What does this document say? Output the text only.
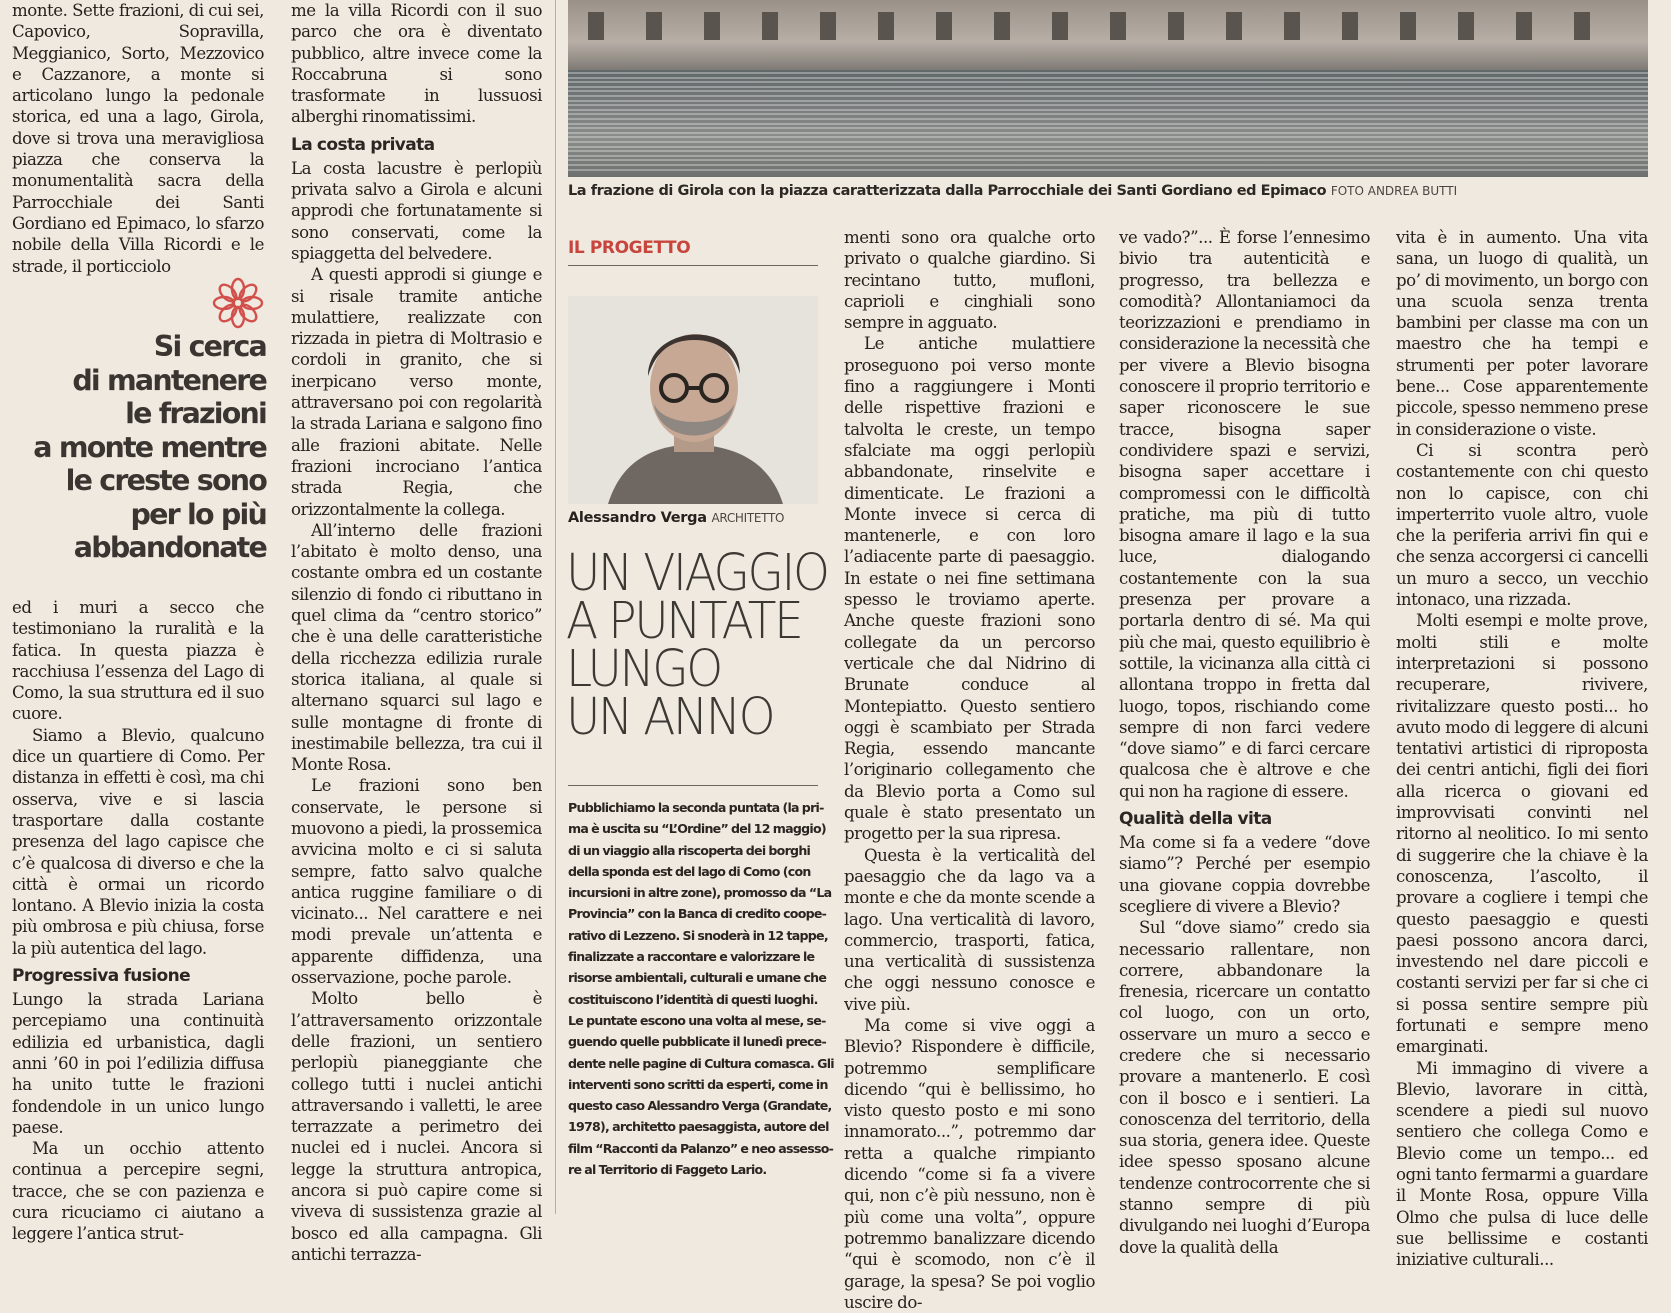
La frazione di Girola con la piazza caratterizzata dalla Parrocchiale dei Santi Gordiano ed Epimaco FOTO ANDREA BUTTI

monte. Sette frazioni, di cui sei, Capovico, Sopravilla, Meggianico, Sorto, Mezzovico e Cazzanore, a monte si articolano lungo la pedonale storica, ed una a lago, Girola, dove si trova una meravigliosa piazza che conserva la monumentalità sacra della Parrocchiale dei Santi Gordiano ed Epimaco, lo sfarzo nobile della Villa Ricordi e le strade, il porticciolo

Si cerca
di mantenere
le frazioni
a monte mentre
le creste sono
per lo più
abbandonate

ed i muri a secco che testimoniano la ruralità e la fatica. In questa piazza è racchiusa l’essenza del Lago di Como, la sua struttura ed il suo cuore.

Siamo a Blevio, qualcuno dice un quartiere di Como. Per distanza in effetti è così, ma chi osserva, vive e si lascia trasportare dalla costante presenza del lago capisce che c’è qualcosa di diverso e che la città è ormai un ricordo lontano. A Blevio inizia la costa più ombrosa e più chiusa, forse la più autentica del lago.

Progressiva fusione

Lungo la strada Lariana percepiamo una continuità edilizia ed urbanistica, dagli anni ’60 in poi l’edilizia diffusa ha unito tutte le frazioni fondendole in un unico lungo paese.

Ma un occhio attento continua a percepire segni, tracce, che se con pazienza e cura ricuciamo ci aiutano a leggere l’antica strut-

me la villa Ricordi con il suo parco che ora è diventato pubblico, altre invece come la Roccabruna si sono trasformate in lussuosi alberghi rinomatissimi.

La costa privata

La costa lacustre è perlopiù privata salvo a Girola e alcuni approdi che fortunatamente si sono conservati, come la spiaggetta del belvedere.

A questi approdi si giunge e si risale tramite antiche mulattiere, realizzate con rizzada in pietra di Moltrasio e cordoli in granito, che si inerpicano verso monte, attraversano poi con regolarità la strada Lariana e salgono fino alle frazioni abitate. Nelle frazioni incrociano l’antica strada Regia, che orizzontalmente la collega.

All’interno delle frazioni l’abitato è molto denso, una costante ombra ed un costante silenzio di fondo ci ributtano in quel clima da “centro storico” che è una delle caratteristiche della ricchezza edilizia rurale storica italiana, al quale si alternano squarci sul lago e sulle montagne di fronte di inestimabile bellezza, tra cui il Monte Rosa.

Le frazioni sono ben conservate, le persone si muovono a piedi, la prossemica avvicina molto e ci si saluta sempre, fatto salvo qualche antica ruggine familiare o di vicinato... Nel carattere e nei modi prevale un’attenta e apparente diffidenza, una osservazione, poche parole.

Molto bello è l’attraversamento orizzontale delle frazioni, un sentiero perlopiù pianeggiante che collego tutti i nuclei antichi attraversando i valletti, le aree terrazzate a perimetro dei nuclei ed i nuclei. Ancora si legge la struttura antropica, ancora si può capire come si viveva di sussistenza grazie al bosco ed alla campagna. Gli antichi terrazza-

IL PROGETTO
Alessandro Verga ARCHITETTO
UN VIAGGIO
A PUNTATE
LUNGO
UN ANNO
Pubblichiamo la seconda puntata (la pri-
ma è uscita su “L’Ordine” del 12 maggio)
di un viaggio alla riscoperta dei borghi
della sponda est del lago di Como (con
incursioni in altre zone), promosso da “La
Provincia” con la Banca di credito coope-
rativo di Lezzeno. Si snoderà in 12 tappe,
finalizzate a raccontare e valorizzare le
risorse ambientali, culturali e umane che
costituiscono l’identità di questi luoghi.
Le puntate escono una volta al mese, se-
guendo quelle pubblicate il lunedì prece-
dente nelle pagine di Cultura comasca. Gli
interventi sono scritti da esperti, come in
questo caso Alessandro Verga (Grandate,
1978), architetto paesaggista, autore del
film “Racconti da Palanzo” e neo assesso-
re al Territorio di Faggeto Lario.

menti sono ora qualche orto privato o qualche giardino. Si recintano tutto, mufloni, caprioli e cinghiali sono sempre in agguato.

Le antiche mulattiere proseguono poi verso monte fino a raggiungere i Monti delle rispettive frazioni e talvolta le creste, un tempo sfalciate ma oggi perlopiù abbandonate, rinselvite e dimenticate. Le frazioni a Monte invece si cerca di mantenerle, e con loro l’adiacente parte di paesaggio. In estate o nei fine settimana spesso le troviamo aperte. Anche queste frazioni sono collegate da un percorso verticale che dal Nidrino di Brunate conduce al Montepiatto. Questo sentiero oggi è scambiato per Strada Regia, essendo mancante l’originario collegamento che da Blevio porta a Como sul quale è stato presentato un progetto per la sua ripresa.

Questa è la verticalità del paesaggio che da lago va a monte e che da monte scende a lago. Una verticalità di lavoro, commercio, trasporti, fatica, una verticalità di sussistenza che oggi nessuno conosce e vive più.

Ma come si vive oggi a Blevio? Rispondere è difficile, potremmo semplificare dicendo “qui è bellissimo, ho visto questo posto e mi sono innamorato...”, potremmo dar retta a qualche rimpianto dicendo “come si fa a vivere qui, non c’è più nessuno, non è più come una volta”, oppure potremmo banalizzare dicendo “qui è scomodo, non c’è il garage, la spesa? Se poi voglio uscire do-

ve vado?”... È forse l’ennesimo bivio tra autenticità e progresso, tra bellezza e comodità? Allontaniamoci da teorizzazioni e prendiamo in considerazione la necessità che per vivere a Blevio bisogna conoscere il proprio territorio e saper riconoscere le sue tracce, bisogna saper condividere spazi e servizi, bisogna saper accettare i compromessi con le difficoltà pratiche, ma più di tutto bisogna amare il lago e la sua luce, dialogando costantemente con la sua presenza per provare a portarla dentro di sé. Ma qui più che mai, questo equilibrio è sottile, la vicinanza alla città ci allontana troppo in fretta dal luogo, topos, rischiando come sempre di non farci vedere “dove siamo” e di farci cercare qualcosa che è altrove e che qui non ha ragione di essere.

Qualità della vita

Ma come si fa a vedere “dove siamo”? Perché per esempio una giovane coppia dovrebbe scegliere di vivere a Blevio?

Sul “dove siamo” credo sia necessario rallentare, non correre, abbandonare la frenesia, ricercare un contatto col luogo, con un orto, osservare un muro a secco e credere che si necessario provare a mantenerlo. E così con il bosco e i sentieri. La conoscenza del territorio, della sua storia, genera idee. Queste idee spesso sposano alcune tendenze controcorrente che si stanno sempre di più divulgando nei luoghi d’Europa dove la qualità della

vita è in aumento. Una vita sana, un luogo di qualità, un po’ di movimento, un borgo con una scuola senza trenta bambini per classe ma con un maestro che ha tempi e strumenti per poter lavorare bene... Cose apparentemente piccole, spesso nemmeno prese in considerazione o viste.

Ci si scontra però costantemente con chi questo non lo capisce, con chi imperterrito vuole altro, vuole che la periferia arrivi fin qui e che senza accorgersi ci cancelli un muro a secco, un vecchio intonaco, una rizzada.

Molti esempi e molte prove, molti stili e molte interpretazioni si possono recuperare, rivivere, rivitalizzare questo posti... ho avuto modo di leggere di alcuni tentativi artistici di riproposta dei centri antichi, figli dei fiori alla ricerca o giovani ed improvvisati convinti nel ritorno al neolitico. Io mi sento di suggerire che la chiave è la conoscenza, l’ascolto, il provare a cogliere i tempi che questo paesaggio e questi paesi possono ancora darci, investendo nel dare piccoli e costanti servizi per far si che ci si possa sentire sempre più fortunati e sempre meno emarginati.

Mi immagino di vivere a Blevio, lavorare in città, scendere a piedi sul nuovo sentiero che collega Como e Blevio come un tempo... ed ogni tanto fermarmi a guardare il Monte Rosa, oppure Villa Olmo che pulsa di luce delle sue bellissime e costanti iniziative culturali...
